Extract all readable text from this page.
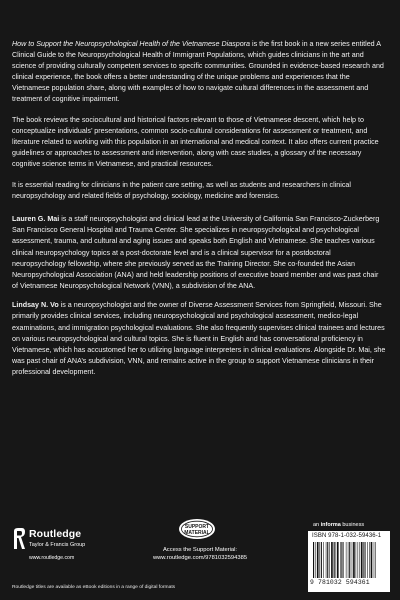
How to Support the Neuropsychological Health of the Vietnamese Diaspora is the first book in a new series entitled A Clinical Guide to the Neuropsychological Health of Immigrant Populations, which guides clinicians in the art and science of providing culturally competent services to specific communities. Grounded in evidence-based research and clinical experience, the book offers a better understanding of the unique problems and experiences that the Vietnamese population share, along with examples of how to navigate cultural differences in the assessment and treatment of cognitive impairment.

The book reviews the sociocultural and historical factors relevant to those of Vietnamese descent, which help to conceptualize individuals’ presentations, common socio-cultural considerations for assessment or treatment, and literature related to working with this population in an international and medical context. It also offers current practice guidelines or approaches to assessment and intervention, along with case studies, a glossary of the necessary cognitive science terms in Vietnamese, and practical resources.

It is essential reading for clinicians in the patient care setting, as well as students and researchers in clinical neuropsychology and related fields of psychology, sociology, medicine and forensics.

Lauren G. Mai is a staff neuropsychologist and clinical lead at the University of California San Francisco-Zuckerberg San Francisco General Hospital and Trauma Center. She specializes in neuropsychological and psychological assessment, trauma, and cultural and aging issues and speaks both English and Vietnamese. She teaches various clinical neuropsychology topics at a post-doctorate level and is a clinical supervisor for a postdoctoral neuropsychology fellowship, where she previously served as the Training Director. She co-founded the Asian Neuropsychological Association (ANA) and held leadership positions of executive board member and was past chair of Vietnamese Neuropsychological Network (VNN), a subdivision of the ANA.

Lindsay N. Vo is a neuropsychologist and the owner of Diverse Assessment Services from Springfield, Missouri. She primarily provides clinical services, including neuropsychological and psychological assessment, medico-legal examinations, and immigration psychological evaluations. She also frequently supervises clinical trainees and lectures on various neuropsychological and cultural topics. She is fluent in English and has conversational proficiency in Vietnamese, which has accustomed her to utilizing language interpreters in clinical evaluations. Alongside Dr. Mai, she was past chair of ANA’s subdivision, VNN, and remains active in the group to support Vietnamese clinicians in their professional development.

Routledge
Taylor & Francis Group
www.routledge.com
SUPPORT
MATERIAL
Access the Support Material:
www.routledge.com/9781032594385
an informa business
ISBN 978-1-032-59436-1
9 781032 594361
Routledge titles are available as eBook editions in a range of digital formats
